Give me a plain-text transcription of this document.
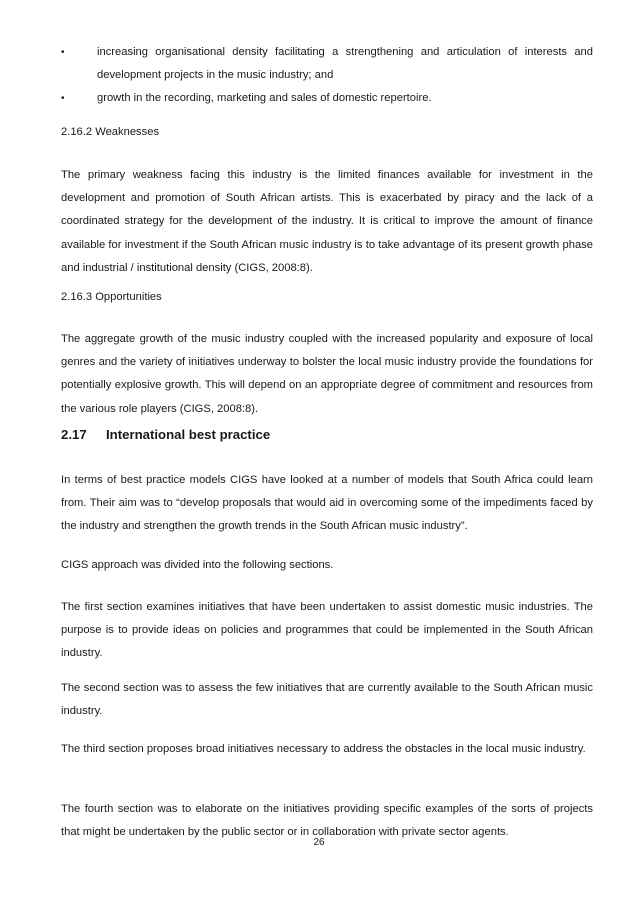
•	increasing organisational density facilitating a strengthening and articulation of interests and development projects in the music industry; and
•	growth in the recording, marketing and sales of domestic repertoire.

2.16.2 Weaknesses

The primary weakness facing this industry is the limited finances available for investment in the development and promotion of South African artists. This is exacerbated by piracy and the lack of a coordinated strategy for the development of the industry. It is critical to improve the amount of finance available for investment if the South African music industry is to take advantage of its present growth phase and industrial / institutional density (CIGS, 2008:8).

2.16.3 Opportunities

The aggregate growth of the music industry coupled with the increased popularity and exposure of local genres and the variety of initiatives underway to bolster the local music industry provide the foundations for potentially explosive growth. This will depend on an appropriate degree of commitment and resources from the various role players (CIGS, 2008:8).

2.17 International best practice

In terms of best practice models CIGS have looked at a number of models that South Africa could learn from. Their aim was to “develop proposals that would aid in overcoming some of the impediments faced by the industry and strengthen the growth trends in the South African music industry”.

CIGS approach was divided into the following sections.

The first section examines initiatives that have been undertaken to assist domestic music industries. The purpose is to provide ideas on policies and programmes that could be implemented in the South African industry.

The second section was to assess the few initiatives that are currently available to the South African music industry.

The third section proposes broad initiatives necessary to address the obstacles in the local music industry.

The fourth section was to elaborate on the initiatives providing specific examples of the sorts of projects that might be undertaken by the public sector or in collaboration with private sector agents.

26
